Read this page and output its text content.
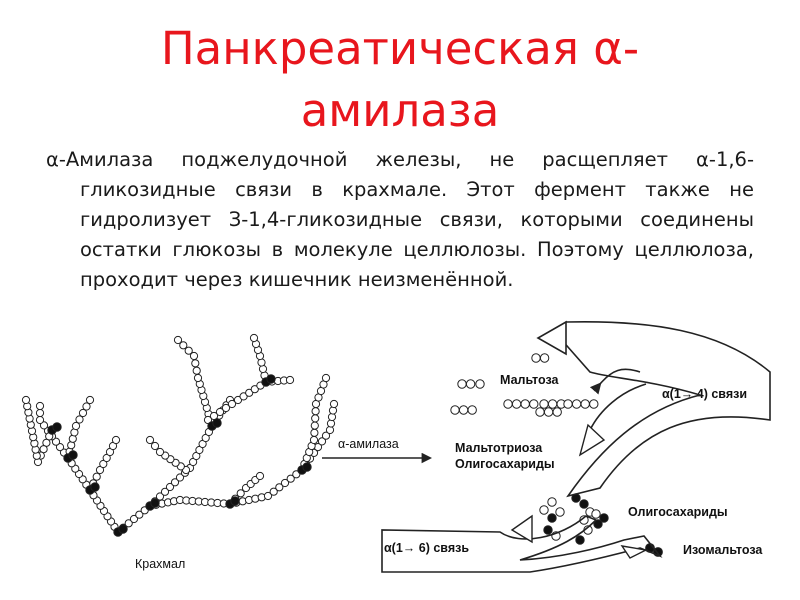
Панкреатическая α-
амилаза
α-Амилаза поджелудочной железы, не расщепляет α-1,6-гликозидные связи в крахмале. Этот фермент также не гидролизует З-1,4-гликозидные связи, которыми соединены остатки глюкозы в молекуле целлюлозы. Поэтому целлюлоза, проходит через кишечник неизменённой.
Крахмал
α-амилаза
Мальтоза
Мальтотриоза
Олигосахариды
Олигосахариды
α(1→ 4) связи
α(1→ 6) связь	Изомальтоза
